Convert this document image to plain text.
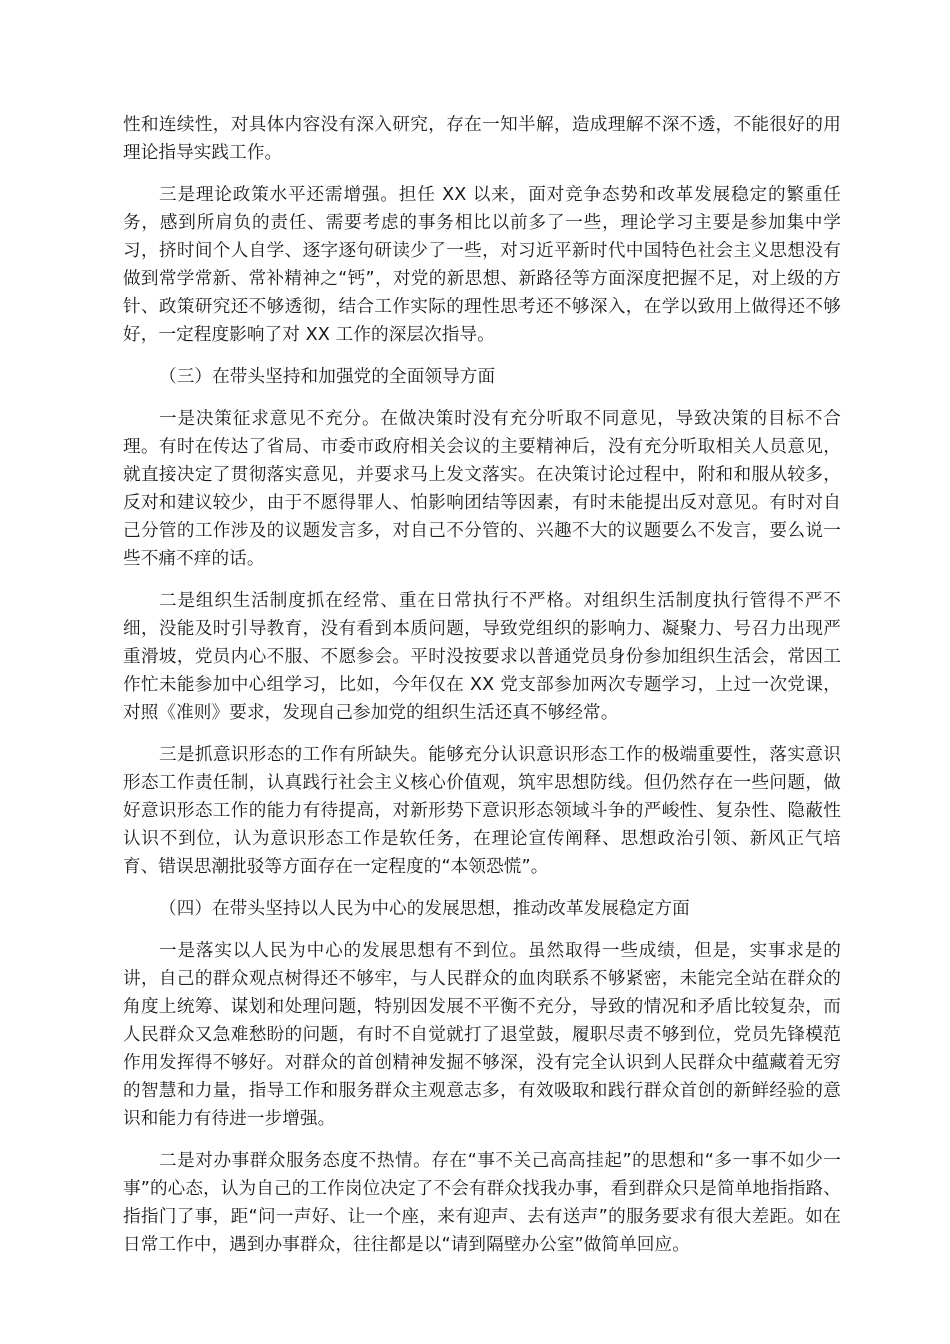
性和连续性，对具体内容没有深入研究，存在一知半解，造成理解不深不透，不能很好的用理论指导实践工作。

三是理论政策水平还需增强。担任 XX 以来，面对竞争态势和改革发展稳定的繁重任务，感到所肩负的责任、需要考虑的事务相比以前多了一些，理论学习主要是参加集中学习，挤时间个人自学、逐字逐句研读少了一些，对习近平新时代中国特色社会主义思想没有做到常学常新、常补精神之“钙”，对党的新思想、新路径等方面深度把握不足，对上级的方针、政策研究还不够透彻，结合工作实际的理性思考还不够深入，在学以致用上做得还不够好，一定程度影响了对 XX 工作的深层次指导。

（三）在带头坚持和加强党的全面领导方面

一是决策征求意见不充分。在做决策时没有充分听取不同意见，导致决策的目标不合理。有时在传达了省局、市委市政府相关会议的主要精神后，没有充分听取相关人员意见，就直接决定了贯彻落实意见，并要求马上发文落实。在决策讨论过程中，附和和服从较多，反对和建议较少，由于不愿得罪人、怕影响团结等因素，有时未能提出反对意见。有时对自己分管的工作涉及的议题发言多，对自己不分管的、兴趣不大的议题要么不发言，要么说一些不痛不痒的话。

二是组织生活制度抓在经常、重在日常执行不严格。对组织生活制度执行管得不严不细，没能及时引导教育，没有看到本质问题，导致党组织的影响力、凝聚力、号召力出现严重滑坡，党员内心不服、不愿参会。平时没按要求以普通党员身份参加组织生活会，常因工作忙未能参加中心组学习，比如，今年仅在 XX 党支部参加两次专题学习，上过一次党课，对照《准则》要求，发现自己参加党的组织生活还真不够经常。

三是抓意识形态的工作有所缺失。能够充分认识意识形态工作的极端重要性，落实意识形态工作责任制，认真践行社会主义核心价值观，筑牢思想防线。但仍然存在一些问题，做好意识形态工作的能力有待提高，对新形势下意识形态领域斗争的严峻性、复杂性、隐蔽性认识不到位，认为意识形态工作是软任务，在理论宣传阐释、思想政治引领、新风正气培育、错误思潮批驳等方面存在一定程度的“本领恐慌”。

（四）在带头坚持以人民为中心的发展思想，推动改革发展稳定方面

一是落实以人民为中心的发展思想有不到位。虽然取得一些成绩，但是，实事求是的讲，自己的群众观点树得还不够牢，与人民群众的血肉联系不够紧密，未能完全站在群众的角度上统筹、谋划和处理问题，特别因发展不平衡不充分，导致的情况和矛盾比较复杂，而人民群众又急难愁盼的问题，有时不自觉就打了退堂鼓，履职尽责不够到位，党员先锋模范作用发挥得不够好。对群众的首创精神发掘不够深，没有完全认识到人民群众中蕴藏着无穷的智慧和力量，指导工作和服务群众主观意志多，有效吸取和践行群众首创的新鲜经验的意识和能力有待进一步增强。

二是对办事群众服务态度不热情。存在“事不关己高高挂起”的思想和“多一事不如少一事”的心态，认为自己的工作岗位决定了不会有群众找我办事，看到群众只是简单地指指路、指指门了事，距“问一声好、让一个座，来有迎声、去有送声”的服务要求有很大差距。如在日常工作中，遇到办事群众，往往都是以“请到隔壁办公室”做简单回应。
